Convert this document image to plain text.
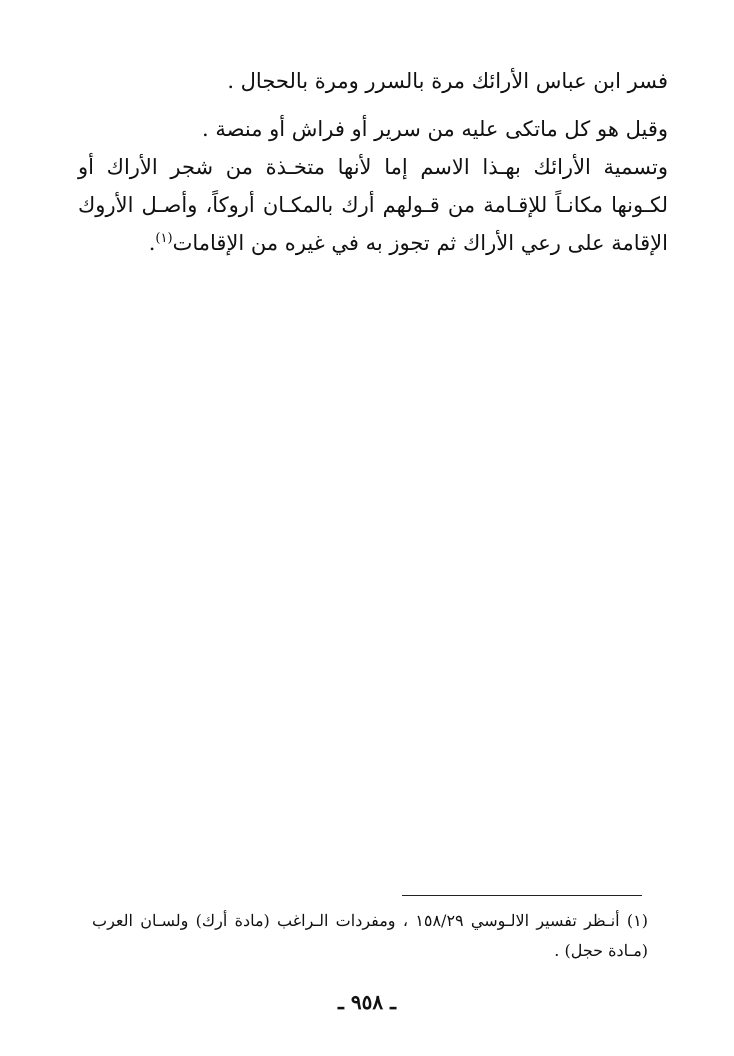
فسر ابن عباس الأرائك مرة بالسرر ومرة بالحجال .

وقيل هو كل ماتكى عليه من سرير أو فراش أو منصة .

وتسمية الأرائك بهـذا الاسم إما لأنها متخـذة من شجر الأراك أو لكـونها مكانـاً للإقـامة من قـولهم أرك بالمكـان أروكاً، وأصـل الأروك الإقامة على رعي الأراك ثم تجوز به في غيره من الإقامات$^{(١)}$.

(١) أنـظر تفسير الالـوسي ١٥٨/٢٩ ، ومفردات الـراغب (مادة أرك) ولسـان العرب (مـادة حجل) .

ـ ٩٥٨ ـ
